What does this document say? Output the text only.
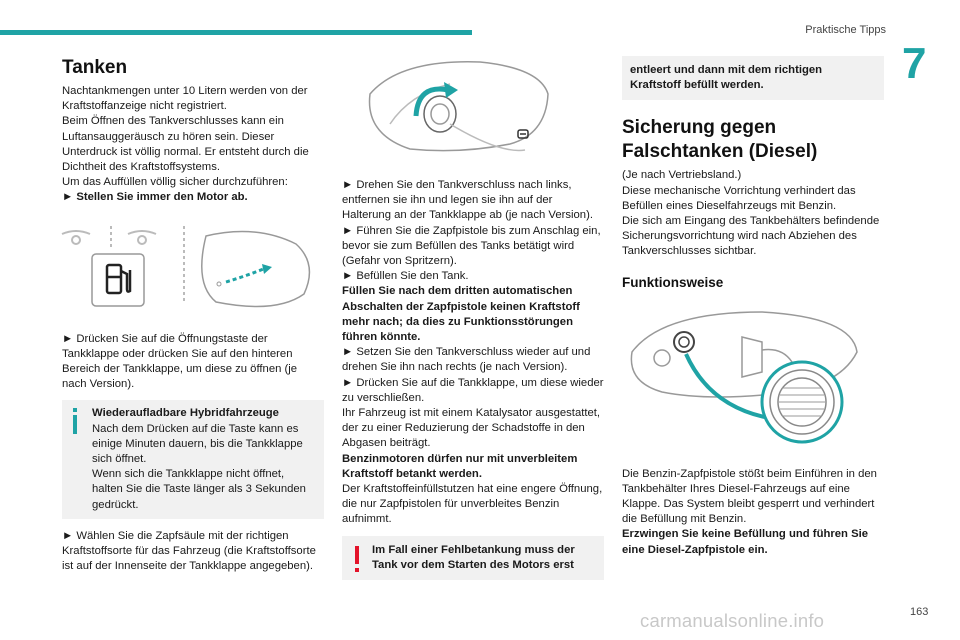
Praktische Tipps
7
Tanken

Nachtankmengen unter 10 Litern werden von der Kraftstoffanzeige nicht registriert.

Beim Öffnen des Tankverschlusses kann ein Luftansauggeräusch zu hören sein. Dieser Unterdruck ist völlig normal. Er entsteht durch die Dichtheit des Kraftstoffsystems.

Um das Auffüllen völlig sicher durchzuführen:

► Stellen Sie immer den Motor ab.

► Drücken Sie auf die Öffnungstaste der Tankklappe oder drücken Sie auf den hinteren Bereich der Tankklappe, um diese zu öffnen (je nach Version).

Wiederaufladbare Hybridfahrzeuge

Nach dem Drücken auf die Taste kann es einige Minuten dauern, bis die Tankklappe sich öffnet.

Wenn sich die Tankklappe nicht öffnet, halten Sie die Taste länger als 3 Sekunden gedrückt.

► Wählen Sie die Zapfsäule mit der richtigen Kraftstoffsorte für das Fahrzeug (die Kraftstoffsorte ist auf der Innenseite der Tankklappe angegeben).

► Drehen Sie den Tankverschluss nach links, entfernen sie ihn und legen sie ihn auf der Halterung an der Tankklappe ab (je nach Version).

► Führen Sie die Zapfpistole bis zum Anschlag ein, bevor sie zum Befüllen des Tanks betätigt wird (Gefahr von Spritzern).

► Befüllen Sie den Tank.

Füllen Sie nach dem dritten automatischen Abschalten der Zapfpistole keinen Kraftstoff mehr nach; da dies zu Funktionsstörungen führen könnte.

► Setzen Sie den Tankverschluss wieder auf und drehen Sie ihn nach rechts (je nach Version).

► Drücken Sie auf die Tankklappe, um diese wieder zu verschließen.

Ihr Fahrzeug ist mit einem Katalysator ausgestattet, der zu einer Reduzierung der Schadstoffe in den Abgasen beiträgt.

Benzinmotoren dürfen nur mit unverbleitem Kraftstoff betankt werden.

Der Kraftstoffeinfüllstutzen hat eine engere Öffnung, die nur Zapfpistolen für unverbleites Benzin aufnimmt.

Im Fall einer Fehlbetankung muss der Tank vor dem Starten des Motors erst

entleert und dann mit dem richtigen Kraftstoff befüllt werden.

Sicherung gegen Falschtanken (Diesel)

(Je nach Vertriebsland.)

Diese mechanische Vorrichtung verhindert das Befüllen eines Dieselfahrzeugs mit Benzin.

Die sich am Eingang des Tankbehälters befindende Sicherungsvorrichtung wird nach Abziehen des Tankverschlusses sichtbar.

Funktionsweise

Die Benzin-Zapfpistole stößt beim Einführen in den Tankbehälter Ihres Diesel-Fahrzeugs auf eine Klappe. Das System bleibt gesperrt und verhindert die Befüllung mit Benzin.

Erzwingen Sie keine Befüllung und führen Sie eine Diesel-Zapfpistole ein.

163
carmanualsonline.info
